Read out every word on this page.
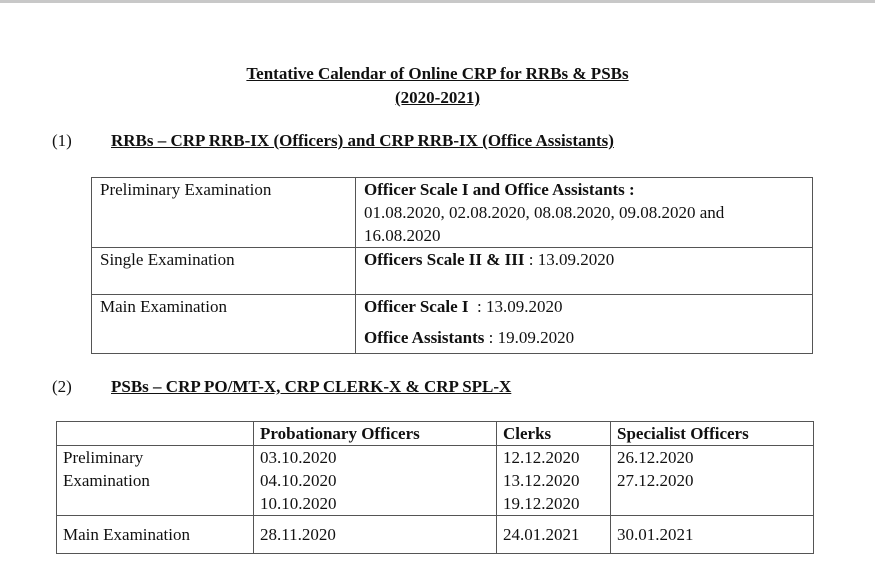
Tentative Calendar of Online CRP for RRBs & PSBs
(2020-2021)
(1) RRBs – CRP RRB-IX (Officers) and CRP RRB-IX (Office Assistants)
Preliminary Examination	Officer Scale I and Office Assistants :
01.08.2020, 02.08.2020, 08.08.2020, 09.08.2020 and
16.08.2020

Single Examination	Officers Scale II & III : 13.09.2020
Main Examination	Officer Scale I  : 13.09.2020
Office Assistants : 19.09.2020
(2) PSBs – CRP PO/MT-X, CRP CLERK-X & CRP SPL-X
	Probationary Officers	Clerks	Specialist Officers

Preliminary
Examination	03.10.2020
04.10.2020
10.10.2020	12.12.2020
13.12.2020
19.12.2020	26.12.2020
27.12.2020

Main Examination	28.11.2020	24.01.2021	30.01.2021
